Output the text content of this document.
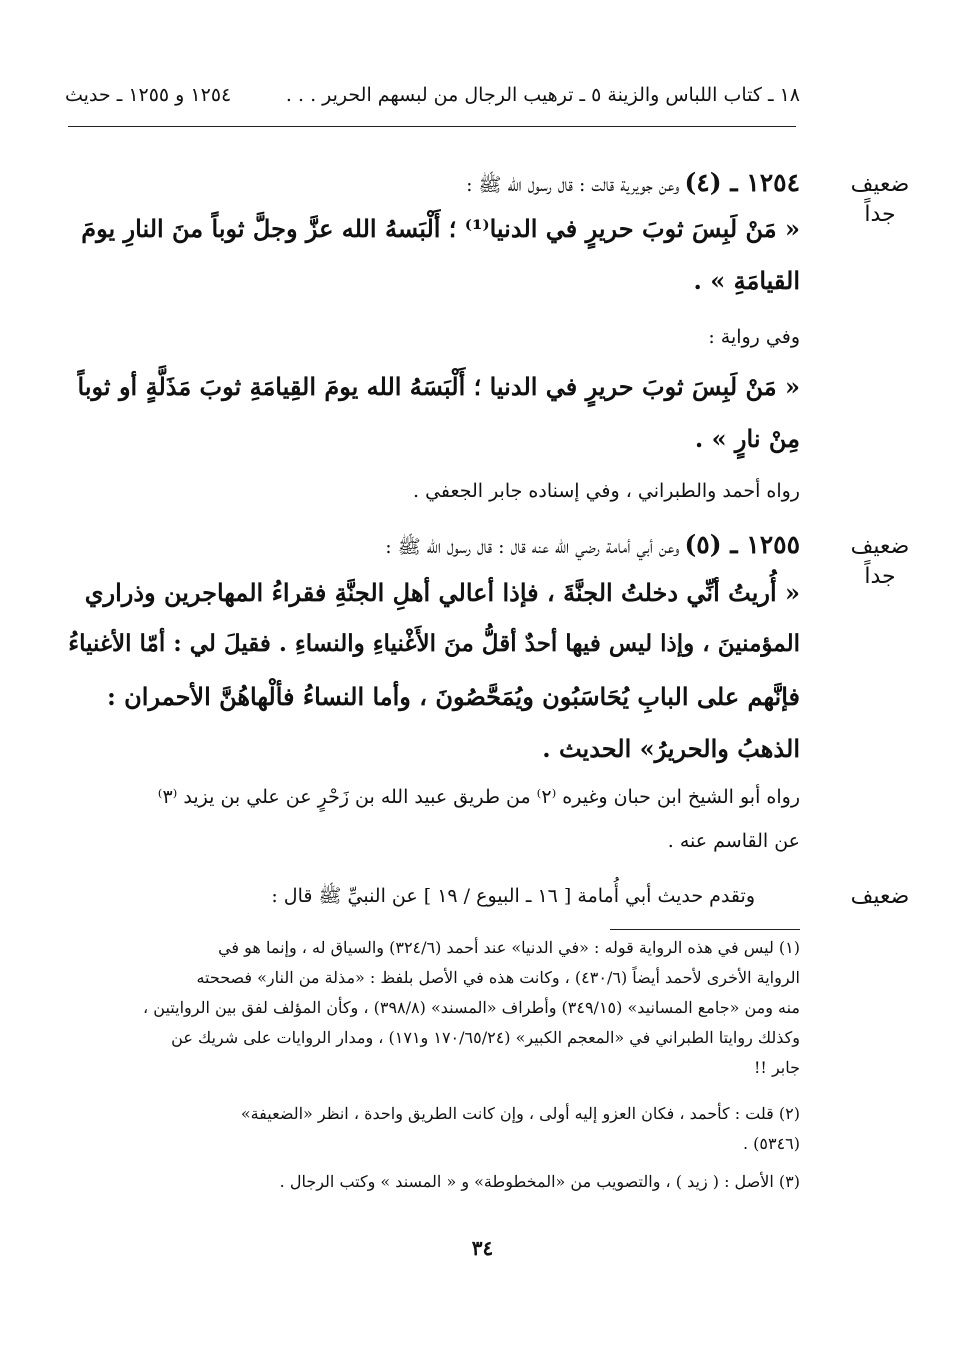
١٨ ـ كتاب اللباس والزينة ٥ ـ ترهيب الرجال من لبسهم الحرير . . .
١٢٥٤ و ١٢٥٥ ـ حديث
ضعيف
جداً
ضعيف
جداً
ضعيف
١٢٥٤ ـ (٤) وعن جويرية قالت : قال رسول الله ﷺ :
« مَنْ لَبِسَ ثوبَ حريرٍ في الدنيا⁽¹⁾ ؛ أَلْبَسهُ الله عزَّ وجلَّ ثوباً منَ النارِ يومَ
القيامَةِ » .
وفي رواية :
« مَنْ لَبِسَ ثوبَ حريرٍ في الدنيا ؛ أَلْبَسَهُ الله يومَ القِيامَةِ ثوبَ مَذَلَّةٍ أو ثوباً
مِنْ نارٍ » .
رواه أحمد والطبراني ، وفي إسناده جابر الجعفي .
١٢٥٥ ـ (٥) وعن أبي أمامة رضي الله عنه قال : قال رسول الله ﷺ :
« أُريتُ أنِّي دخلتُ الجنَّةَ ، فإذا أعالي أهلِ الجنَّةِ فقراءُ المهاجرين وذراري
المؤمنينَ ، وإذا ليس فيها أحدٌ أقلُّ منَ الأَغْنياءِ والنساءِ . فقيلَ لي : أمّا الأغنياءُ
فإنَّهم على البابِ يُحَاسَبُون ويُمَحَّصُونَ ، وأما النساءُ فألْهاهُنَّ الأحمران :
الذهبُ والحريرُ» الحديث .
رواه أبو الشيخ ابن حبان وغيره ⁽٢⁾ من طريق عبيد الله بن زَحْرٍ عن علي بن يزيد ⁽٣⁾
عن القاسم عنه .
وتقدم حديث أبي أُمامة [ ١٦ ـ البيوع / ١٩ ] عن النبيِّ ﷺ قال :
(١) ليس في هذه الرواية قوله : «في الدنيا» عند أحمد (٣٢٤/٦) والسياق له ، وإنما هو في
الرواية الأخرى لأحمد أيضاً (٤٣٠/٦) ، وكانت هذه في الأصل بلفظ : «مذلة من النار» فصححته
منه ومن «جامع المسانيد» (٣٤٩/١٥) وأطراف «المسند» (٣٩٨/٨) ، وكأن المؤلف لفق بين الروايتين ،
وكذلك روايتا الطبراني في «المعجم الكبير» (١٧٠/٦٥/٢٤ و١٧١) ، ومدار الروايات على شريك عن
جابر !!
(٢) قلت : كأحمد ، فكان العزو إليه أولى ، وإن كانت الطريق واحدة ، انظر «الضعيفة»
(٥٣٤٦) .
(٣) الأصل : ( زيد ) ، والتصويب من «المخطوطة» و « المسند » وكتب الرجال .
٣٤
